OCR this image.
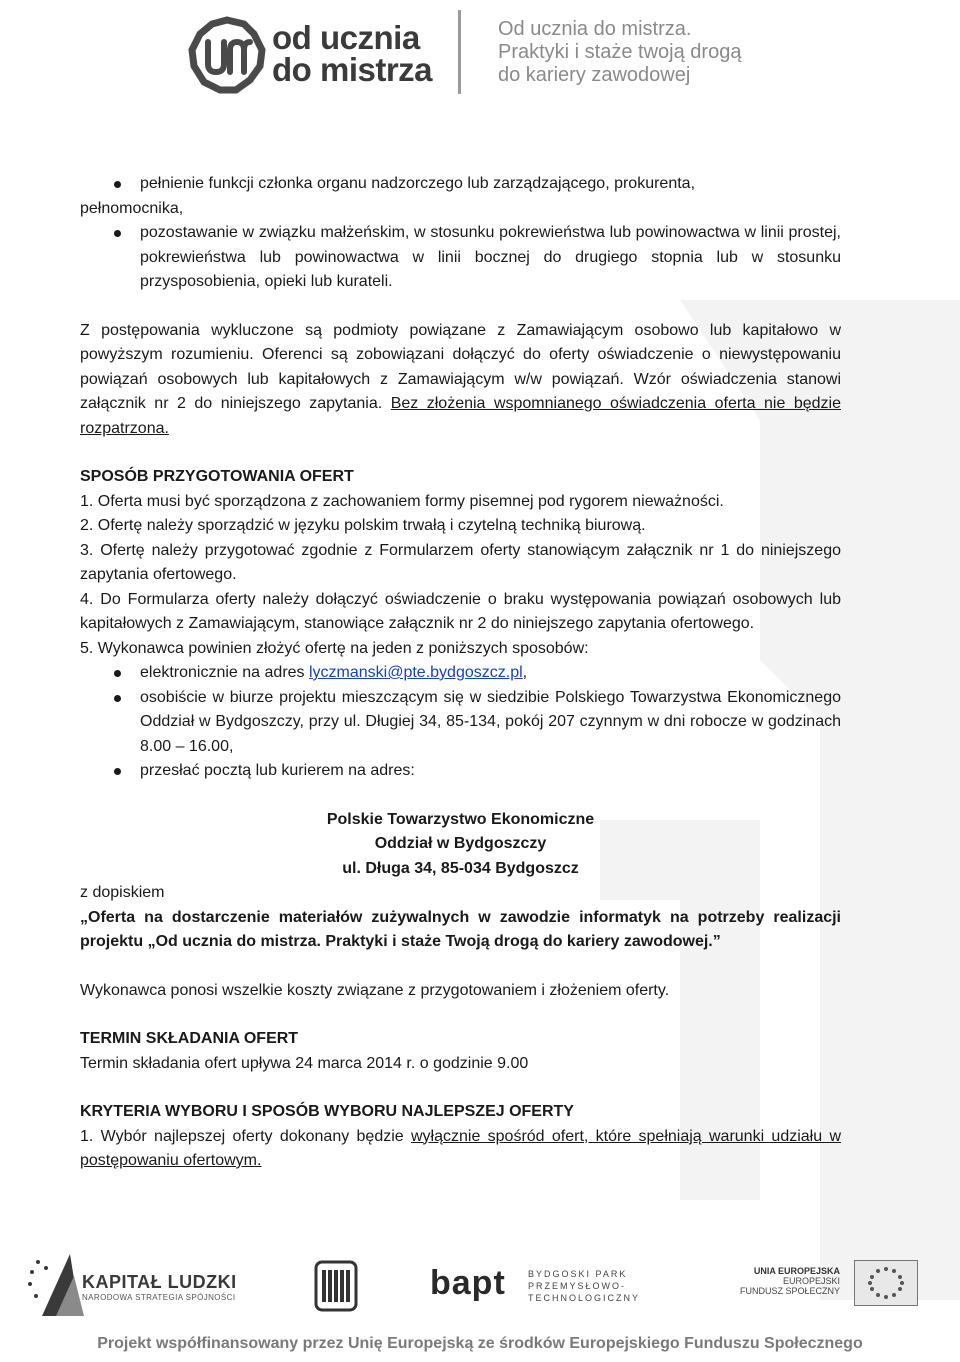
od ucznia
do mistrza
Od ucznia do mistrza.
Praktyki i staże twoją drogą
do kariery zawodowej
pełnienie funkcji członka organu nadzorczego lub zarządzającego, prokurenta,

pełnomocnika,

pozostawanie w związku małżeńskim, w stosunku pokrewieństwa lub powinowactwa w linii prostej, pokrewieństwa lub powinowactwa w linii bocznej do drugiego stopnia lub w stosunku przysposobienia, opieki lub kurateli.

Z postępowania wykluczone są podmioty powiązane z Zamawiającym osobowo lub kapitałowo w powyższym rozumieniu. Oferenci są zobowiązani dołączyć do oferty oświadczenie o niewystępowaniu powiązań osobowych lub kapitałowych z Zamawiającym w/w powiązań. Wzór oświadczenia stanowi załącznik nr 2 do niniejszego zapytania. Bez złożenia wspomnianego oświadczenia oferta nie będzie rozpatrzona.

SPOSÓB PRZYGOTOWANIA OFERT

1. Oferta musi być sporządzona z zachowaniem formy pisemnej pod rygorem nieważności.

2. Ofertę należy sporządzić w języku polskim trwałą i czytelną techniką biurową.

3. Ofertę należy przygotować zgodnie z Formularzem oferty stanowiącym załącznik nr 1 do niniejszego zapytania ofertowego.

4. Do Formularza oferty należy dołączyć oświadczenie o braku występowania powiązań osobowych lub kapitałowych z Zamawiającym, stanowiące załącznik nr 2 do niniejszego zapytania ofertowego.

5. Wykonawca powinien złożyć ofertę na jeden z poniższych sposobów:

elektronicznie na adres lyczmanski@pte.bydgoszcz.pl,
osobiście w biurze projektu mieszczącym się w siedzibie Polskiego Towarzystwa Ekonomicznego Oddział w Bydgoszczy, przy ul. Długiej 34, 85-134, pokój 207 czynnym w dni robocze w godzinach 8.00 – 16.00,
przesłać pocztą lub kurierem na adres:

Polskie Towarzystwo Ekonomiczne

Oddział w Bydgoszczy

ul. Długa 34, 85-034 Bydgoszcz

z dopiskiem

„Oferta na dostarczenie materiałów zużywalnych w zawodzie informatyk na potrzeby realizacji projektu „Od ucznia do mistrza. Praktyki i staże Twoją drogą do kariery zawodowej.”

Wykonawca ponosi wszelkie koszty związane z przygotowaniem i złożeniem oferty.

TERMIN SKŁADANIA OFERT

Termin składania ofert upływa 24 marca 2014 r. o godzinie 9.00

KRYTERIA WYBORU I SPOSÓB WYBORU NAJLEPSZEJ OFERTY

1. Wybór najlepszej oferty dokonany będzie wyłącznie spośród ofert, które spełniają warunki udziału w postępowaniu ofertowym.

KAPITAŁ LUDZKI
NARODOWA STRATEGIA SPÓJNOŚCI	bapt BYDGOSKI PARK PRZEMYSŁOWO-TECHNOLOGICZNY
UNIA EUROPEJSKA
EUROPEJSKI
FUNDUSZ SPOŁECZNY
Projekt współfinansowany przez Unię Europejską ze środków Europejskiego Funduszu Społecznego
